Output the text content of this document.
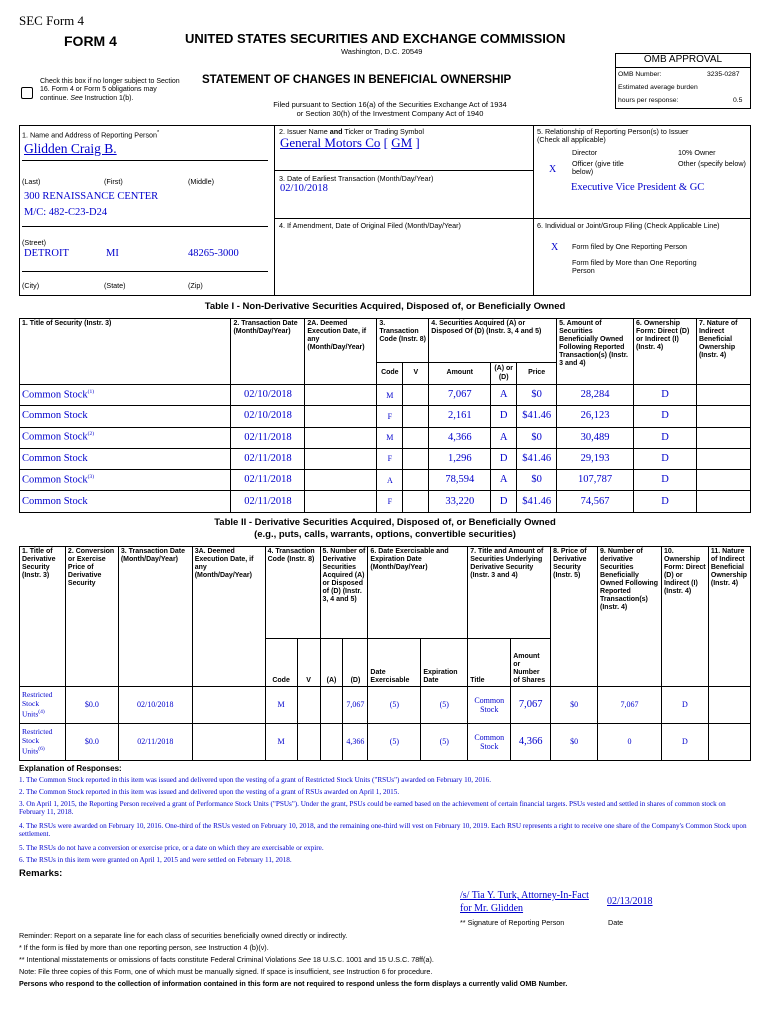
SEC Form 4
FORM 4	UNITED STATES SECURITIES AND EXCHANGE COMMISSION
Washington, D.C. 20549
STATEMENT OF CHANGES IN BENEFICIAL OWNERSHIP
Filed pursuant to Section 16(a) of the Securities Exchange Act of 1934
or Section 30(h) of the Investment Company Act of 1940
Check this box if no longer subject to Section 16. Form 4 or Form 5 obligations may continue. See Instruction 1(b).
OMB APPROVAL
OMB Number:	3235-0287
Estimated average burden
hours per response:	0.5
1. Name and Address of Reporting Person*
Glidden Craig B.
(Last)	(First)	(Middle)
300 RENAISSANCE CENTER
M/C: 482-C23-D24
(Street)
DETROIT	MI	48265-3000
(City)	(State)	(Zip)
2. Issuer Name and Ticker or Trading Symbol
General Motors Co [ GM ]
3. Date of Earliest Transaction (Month/Day/Year)
02/10/2018
4. If Amendment, Date of Original Filed (Month/Day/Year)
5. Relationship of Reporting Person(s) to Issuer
(Check all applicable)
Director	10% Owner
X
Officer (give title below)
Other (specify below)
Executive Vice President & GC
6. Individual or Joint/Group Filing (Check Applicable Line)
X Form filed by One Reporting Person
Form filed by More than One Reporting Person
Table I - Non-Derivative Securities Acquired, Disposed of, or Beneficially Owned
1. Title of Security (Instr. 3)	2. Transaction Date (Month/Day/Year)	2A. Deemed Execution Date, if any (Month/Day/Year)	3. Transaction Code (Instr. 8)		4. Securities Acquired (A) or Disposed Of (D) (Instr. 3, 4 and 5)			5. Amount of Securities Beneficially Owned Following Reported Transaction(s) (Instr. 3 and 4)	6. Ownership Form: Direct (D) or Indirect (I) (Instr. 4)	7. Nature of Indirect Beneficial Ownership (Instr. 4)
			Code	V	Amount	(A) or (D)	Price			
Common Stock$^{(1)}$	02/10/2018		M		7,067	A	$0	28,284	D	
Common Stock	02/10/2018		F		2,161	D	$41.46	26,123	D	
Common Stock$^{(2)}$	02/11/2018		M		4,366	A	$0	30,489	D	
Common Stock	02/11/2018		F		1,296	D	$41.46	29,193	D	
Common Stock$^{(3)}$	02/11/2018		A		78,594	A	$0	107,787	D	
Common Stock	02/11/2018		F		33,220	D	$41.46	74,567	D	
Table II - Derivative Securities Acquired, Disposed of, or Beneficially Owned
(e.g., puts, calls, warrants, options, convertible securities)
1. Title of Derivative Security (Instr. 3)	2. Conversion or Exercise Price of Derivative Security	3. Transaction Date (Month/Day/Year)	3A. Deemed Execution Date, if any (Month/Day/Year)	4. Transaction Code (Instr. 8)		5. Number of Derivative Securities Acquired (A) or Disposed of (D) (Instr. 3, 4 and 5)		6. Date Exercisable and Expiration Date (Month/Day/Year)		7. Title and Amount of Securities Underlying Derivative Security (Instr. 3 and 4)		8. Price of Derivative Security (Instr. 5)	9. Number of derivative Securities Beneficially Owned Following Reported Transaction(s) (Instr. 4)	10. Ownership Form: Direct (D) or Indirect (I) (Instr. 4)	11. Nature of Indirect Beneficial Ownership (Instr. 4)
				Code	V	(A)	(D)	Date Exercisable	Expiration Date	Title	Amount or Number of Shares				
Restricted Stock Units$^{(4)}$	$0.0	02/10/2018		M			7,067	(5)	(5)	Common Stock	7,067	$0	7,067	D	
Restricted Stock Units$^{(6)}$	$0.0	02/11/2018		M			4,366	(5)	(5)	Common Stock	4,366	$0	0	D	
Explanation of Responses:
1. The Common Stock reported in this item was issued and delivered upon the vesting of a grant of Restricted Stock Units ("RSUs") awarded on February 10, 2016.
2. The Common Stock reported in this item was issued and delivered upon the vesting of a grant of RSUs awarded on April 1, 2015.
3. On April 1, 2015, the Reporting Person received a grant of Performance Stock Units ("PSUs"). Under the grant, PSUs could be earned based on the achievement of certain financial targets. PSUs vested and settled in shares of common stock on February 11, 2018.
4. The RSUs were awarded on February 10, 2016. One-third of the RSUs vested on February 10, 2018, and the remaining one-third will vest on February 10, 2019. Each RSU represents a right to receive one share of the Company's Common Stock upon settlement.
5. The RSUs do not have a conversion or exercise price, or a date on which they are exercisable or expire.
6. The RSUs in this item were granted on April 1, 2015 and were settled on February 11, 2018.
Remarks:
/s/ Tia Y. Turk, Attorney-In-Fact for Mr. Glidden
02/13/2018
** Signature of Reporting Person	Date
Reminder: Report on a separate line for each class of securities beneficially owned directly or indirectly.
* If the form is filed by more than one reporting person, see Instruction 4 (b)(v).
** Intentional misstatements or omissions of facts constitute Federal Criminal Violations See 18 U.S.C. 1001 and 15 U.S.C. 78ff(a).
Note: File three copies of this Form, one of which must be manually signed. If space is insufficient, see Instruction 6 for procedure.
Persons who respond to the collection of information contained in this form are not required to respond unless the form displays a currently valid OMB Number.
